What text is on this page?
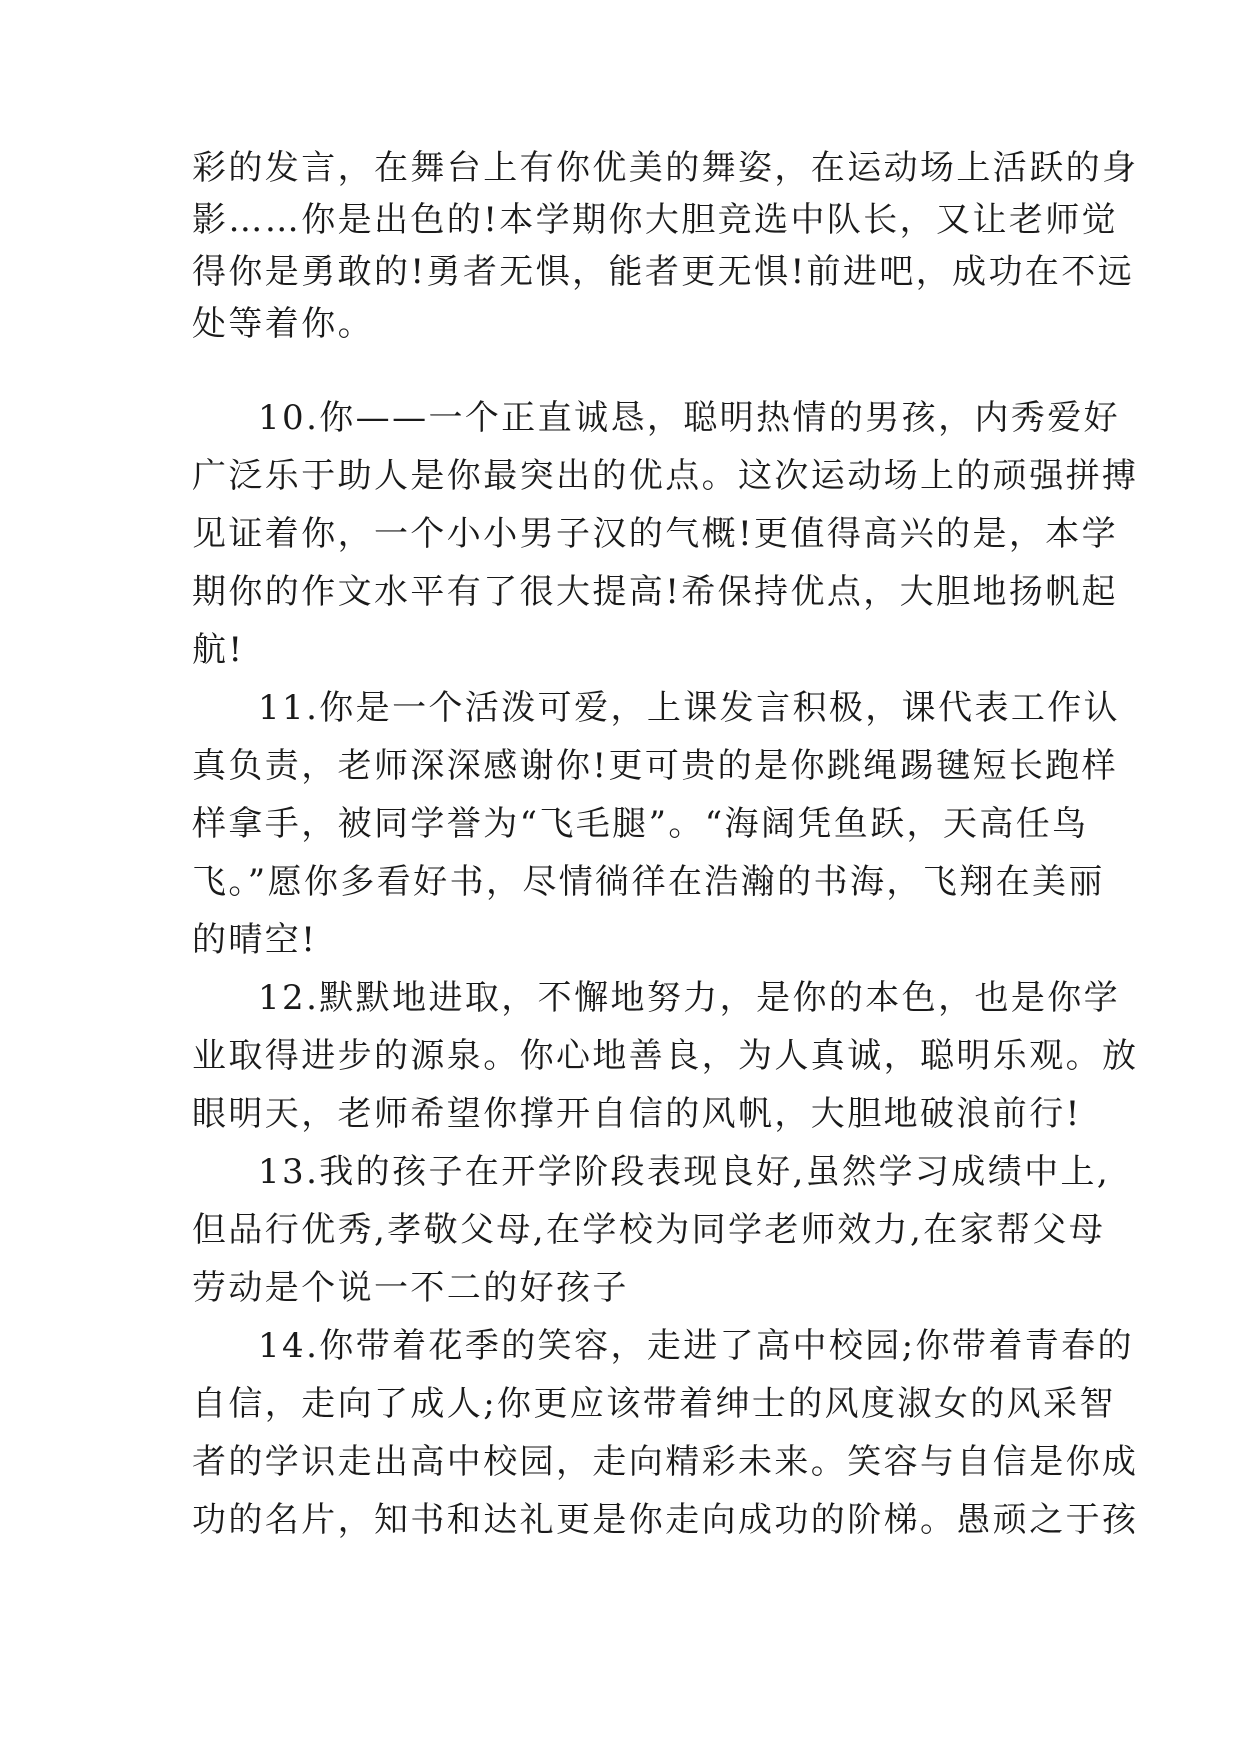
彩的发言，在舞台上有你优美的舞姿，在运动场上活跃的身
影……你是出色的!本学期你大胆竞选中队长，又让老师觉
得你是勇敢的!勇者无惧，能者更无惧!前进吧，成功在不远
处等着你。
10.你——一个正直诚恳，聪明热情的男孩，内秀爱好
广泛乐于助人是你最突出的优点。这次运动场上的顽强拼搏
见证着你，一个小小男子汉的气概!更值得高兴的是，本学
期你的作文水平有了很大提高!希保持优点，大胆地扬帆起
航!
11.你是一个活泼可爱，上课发言积极，课代表工作认
真负责，老师深深感谢你!更可贵的是你跳绳踢毽短长跑样
样拿手，被同学誉为“飞毛腿”。“海阔凭鱼跃，天高任鸟
飞。”愿你多看好书，尽情徜徉在浩瀚的书海，飞翔在美丽
的晴空!
12.默默地进取，不懈地努力，是你的本色，也是你学
业取得进步的源泉。你心地善良，为人真诚，聪明乐观。放
眼明天，老师希望你撑开自信的风帆，大胆地破浪前行!
13.我的孩子在开学阶段表现良好,虽然学习成绩中上,
但品行优秀,孝敬父母,在学校为同学老师效力,在家帮父母
劳动是个说一不二的好孩子
14.你带着花季的笑容，走进了高中校园;你带着青春的
自信，走向了成人;你更应该带着绅士的风度淑女的风采智
者的学识走出高中校园，走向精彩未来。笑容与自信是你成
功的名片，知书和达礼更是你走向成功的阶梯。愚顽之于孩
